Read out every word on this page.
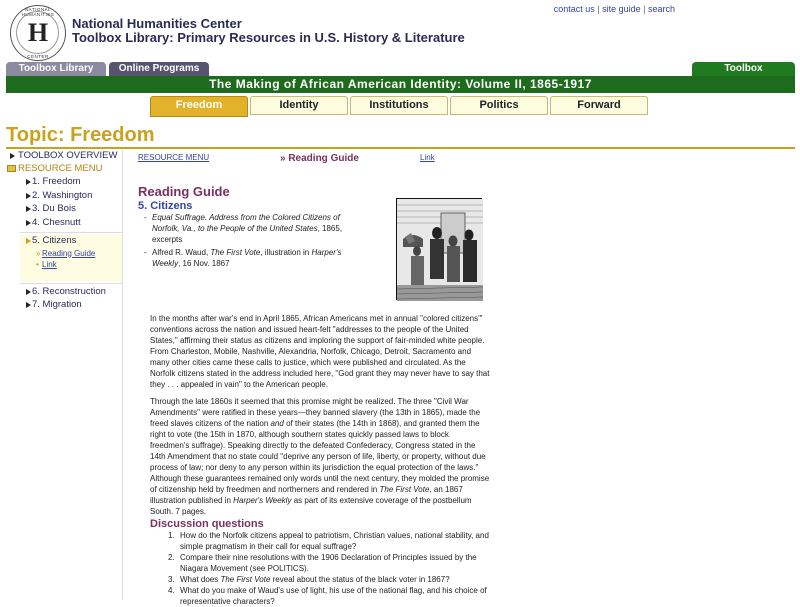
NATIONAL HUMANITIES
H
CENTER
National Humanities Center
Toolbox Library: Primary Resources in U.S. History & Literature
contact us | site guide | search
Toolbox Library	Online Programs	Toolbox
The Making of African American Identity: Volume II, 1865-1917
Freedom	Identity	Institutions	Politics	Forward
Topic: Freedom
TOOLBOX OVERVIEW
RESOURCE MENU
1. Freedom
2. Washington
3. Du Bois
4. Chesnutt
5. Citizens
» Reading Guide
• Link
6. Reconstruction
7. Migration
RESOURCE MENU	» Reading Guide	Link
Reading Guide
5. Citizens
- Equal Suffrage. Address from the Colored Citizens of Norfolk, Va., to the People of the United States, 1865, excerpts
- Alfred R. Waud, The First Vote, illustration in Harper's Weekly, 16 Nov. 1867

In the months after war's end in April 1865, African Americans met in annual "colored citizens'" conventions across the nation and issued heart-felt "addresses to the people of the United States," affirming their status as citizens and imploring the support of fair-minded white people. From Charleston, Mobile, Nashville, Alexandria, Norfolk, Chicago, Detroit, Sacramento and many other cities came these calls to justice, which were published and circulated. As the Norfolk citizens stated in the address included here, "God grant they may never have to say that they . . . appealed in vain" to the American people.

Through the late 1860s it seemed that this promise might be realized. The three "Civil War Amendments" were ratified in these years—they banned slavery (the 13th in 1865), made the freed slaves citizens of the nation and of their states (the 14th in 1868), and granted them the right to vote (the 15th in 1870, although southern states quickly passed laws to block freedmen's suffrage). Speaking directly to the defeated Confederacy, Congress stated in the 14th Amendment that no state could "deprive any person of life, liberty, or property, without due process of law; nor deny to any person within its jurisdiction the equal protection of the laws." Although these guarantees remained only words until the next century, they molded the promise of citizenship held by freedmen and northerners and rendered in The First Vote, an 1867 illustration published in Harper's Weekly as part of its extensive coverage of the postbellum South. 7 pages.

Discussion questions
1. How do the Norfolk citizens appeal to patriotism, Christian values, national stability, and simple pragmatism in their call for equal suffrage?
2. Compare their nine resolutions with the 1906 Declaration of Principles issued by the Niagara Movement (see POLITICS).
3. What does The First Vote reveal about the status of the black voter in 1867?
4. What do you make of Waud's use of light, his use of the national flag, and his choice of representative characters?
